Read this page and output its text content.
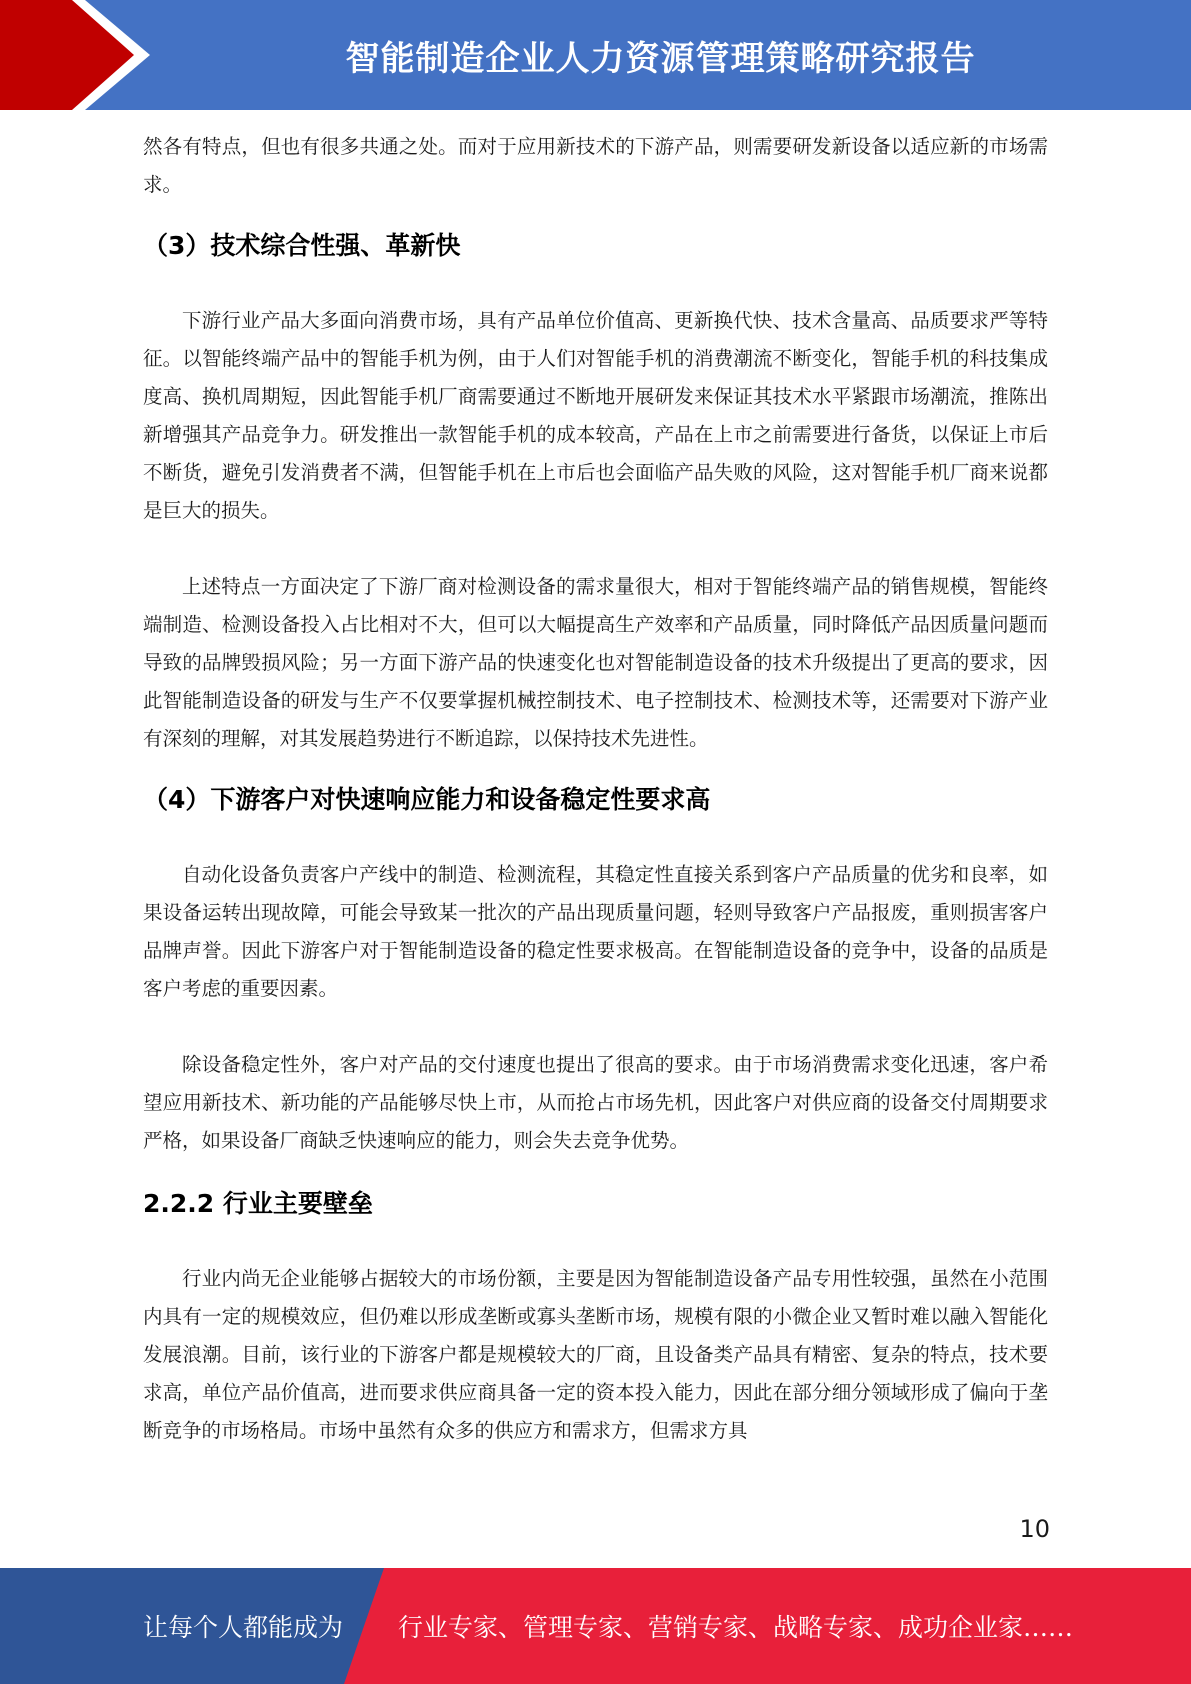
智能制造企业人力资源管理策略研究报告

然各有特点，但也有很多共通之处。而对于应用新技术的下游产品，则需要研发新设备以适应新的市场需求。

（3）技术综合性强、革新快

下游行业产品大多面向消费市场，具有产品单位价值高、更新换代快、技术含量高、品质要求严等特征。以智能终端产品中的智能手机为例，由于人们对智能手机的消费潮流不断变化，智能手机的科技集成度高、换机周期短，因此智能手机厂商需要通过不断地开展研发来保证其技术水平紧跟市场潮流，推陈出新增强其产品竞争力。研发推出一款智能手机的成本较高，产品在上市之前需要进行备货，以保证上市后不断货，避免引发消费者不满，但智能手机在上市后也会面临产品失败的风险，这对智能手机厂商来说都是巨大的损失。

上述特点一方面决定了下游厂商对检测设备的需求量很大，相对于智能终端产品的销售规模，智能终端制造、检测设备投入占比相对不大，但可以大幅提高生产效率和产品质量，同时降低产品因质量问题而导致的品牌毁损风险；另一方面下游产品的快速变化也对智能制造设备的技术升级提出了更高的要求，因此智能制造设备的研发与生产不仅要掌握机械控制技术、电子控制技术、检测技术等，还需要对下游产业有深刻的理解，对其发展趋势进行不断追踪，以保持技术先进性。

（4）下游客户对快速响应能力和设备稳定性要求高

自动化设备负责客户产线中的制造、检测流程，其稳定性直接关系到客户产品质量的优劣和良率，如果设备运转出现故障，可能会导致某一批次的产品出现质量问题，轻则导致客户产品报废，重则损害客户品牌声誉。因此下游客户对于智能制造设备的稳定性要求极高。在智能制造设备的竞争中，设备的品质是客户考虑的重要因素。

除设备稳定性外，客户对产品的交付速度也提出了很高的要求。由于市场消费需求变化迅速，客户希望应用新技术、新功能的产品能够尽快上市，从而抢占市场先机，因此客户对供应商的设备交付周期要求严格，如果设备厂商缺乏快速响应的能力，则会失去竞争优势。

2.2.2 行业主要壁垒

行业内尚无企业能够占据较大的市场份额，主要是因为智能制造设备产品专用性较强，虽然在小范围内具有一定的规模效应，但仍难以形成垄断或寡头垄断市场，规模有限的小微企业又暂时难以融入智能化发展浪潮。目前，该行业的下游客户都是规模较大的厂商，且设备类产品具有精密、复杂的特点，技术要求高，单位产品价值高，进而要求供应商具备一定的资本投入能力，因此在部分细分领域形成了偏向于垄断竞争的市场格局。市场中虽然有众多的供应方和需求方，但需求方具

10
让每个人都能成为 行业专家、管理专家、营销专家、战略专家、成功企业家……
